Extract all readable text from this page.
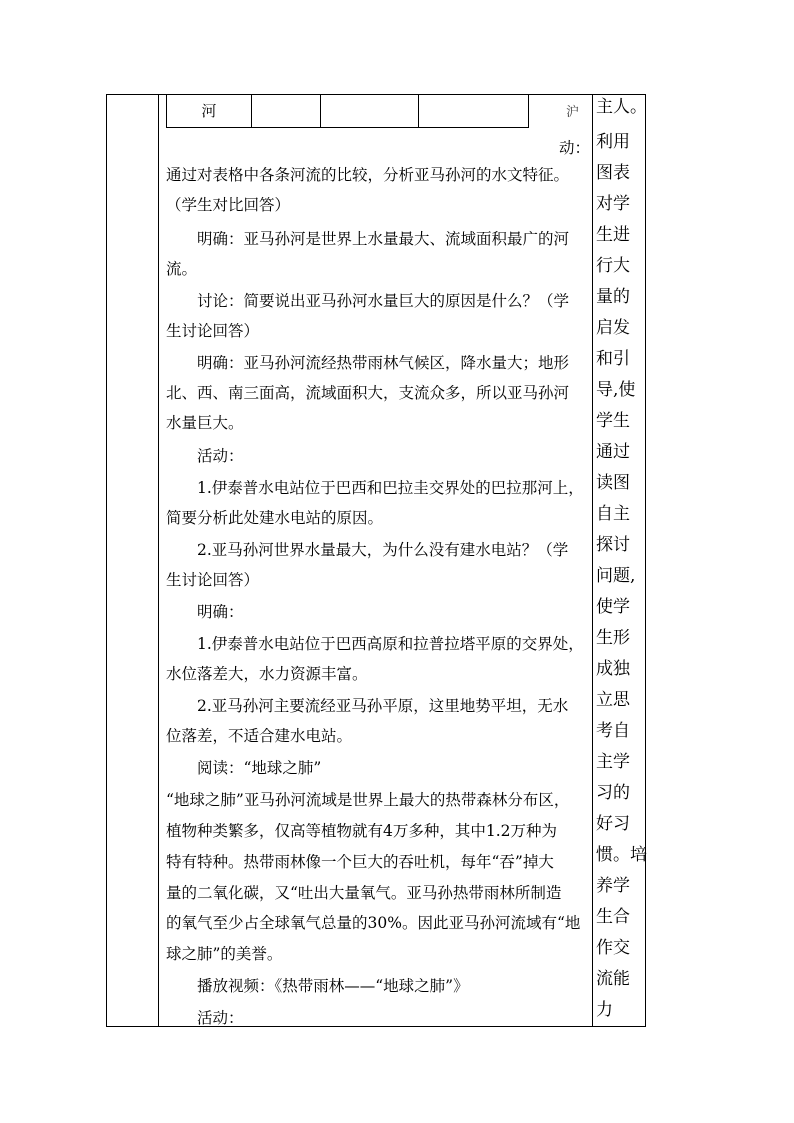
河				沪
动：
通过对表格中各条河流的比较，分析亚马孙河的水文特征。
（学生对比回答）
明确：亚马孙河是世界上水量最大、流域面积最广的河
流。
讨论：简要说出亚马孙河水量巨大的原因是什么？（学
生讨论回答）
明确：亚马孙河流经热带雨林气候区，降水量大；地形
北、西、南三面高，流域面积大，支流众多，所以亚马孙河
水量巨大。
活动：
1.伊泰普水电站位于巴西和巴拉圭交界处的巴拉那河上，
简要分析此处建水电站的原因。
2.亚马孙河世界水量最大，为什么没有建水电站？（学
生讨论回答）
明确：
1.伊泰普水电站位于巴西高原和拉普拉塔平原的交界处，
水位落差大，水力资源丰富。
2.亚马孙河主要流经亚马孙平原，这里地势平坦，无水
位落差，不适合建水电站。
阅读：“地球之肺”
“地球之肺”亚马孙河流域是世界上最大的热带森林分布区，
植物种类繁多，仅高等植物就有4万多种，其中1.2万种为
特有特种。热带雨林像一个巨大的吞吐机，每年“吞”掉大
量的二氧化碳，又“吐出大量氧气。亚马孙热带雨林所制造
的氧气至少占全球氧气总量的30%。因此亚马孙河流域有“地
球之肺”的美誉。
播放视频：《热带雨林——“地球之肺”》
活动：
主人。
利用
图表
对学
生进
行大
量的
启发
和引
导,使
学生
通过
读图
自主
探讨
问题,
使学
生形
成独
立思
考自
主学
习的
好习
惯。培
养学
生合
作交
流能
力
